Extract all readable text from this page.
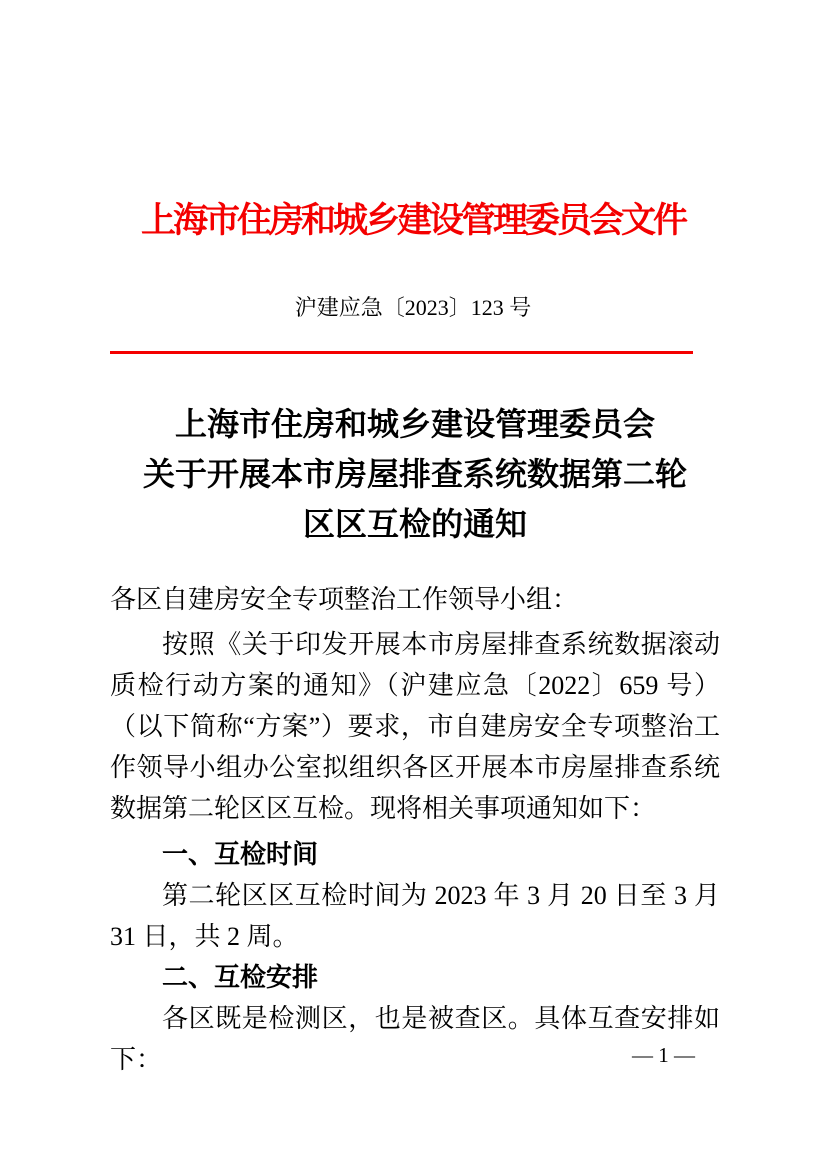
上海市住房和城乡建设管理委员会文件
沪建应急〔2023〕123 号
上海市住房和城乡建设管理委员会
关于开展本市房屋排查系统数据第二轮
区区互检的通知

各区自建房安全专项整治工作领导小组：

按照《关于印发开展本市房屋排查系统数据滚动质检行动方案的通知》（沪建应急〔2022〕659 号）（以下简称“方案”）要求，市自建房安全专项整治工作领导小组办公室拟组织各区开展本市房屋排查系统数据第二轮区区互检。现将相关事项通知如下：

一、互检时间

第二轮区区互检时间为 2023 年 3 月 20 日至 3 月 31 日，共 2 周。

二、互检安排

各区既是检测区，也是被查区。具体互查安排如下：	— 1 —
